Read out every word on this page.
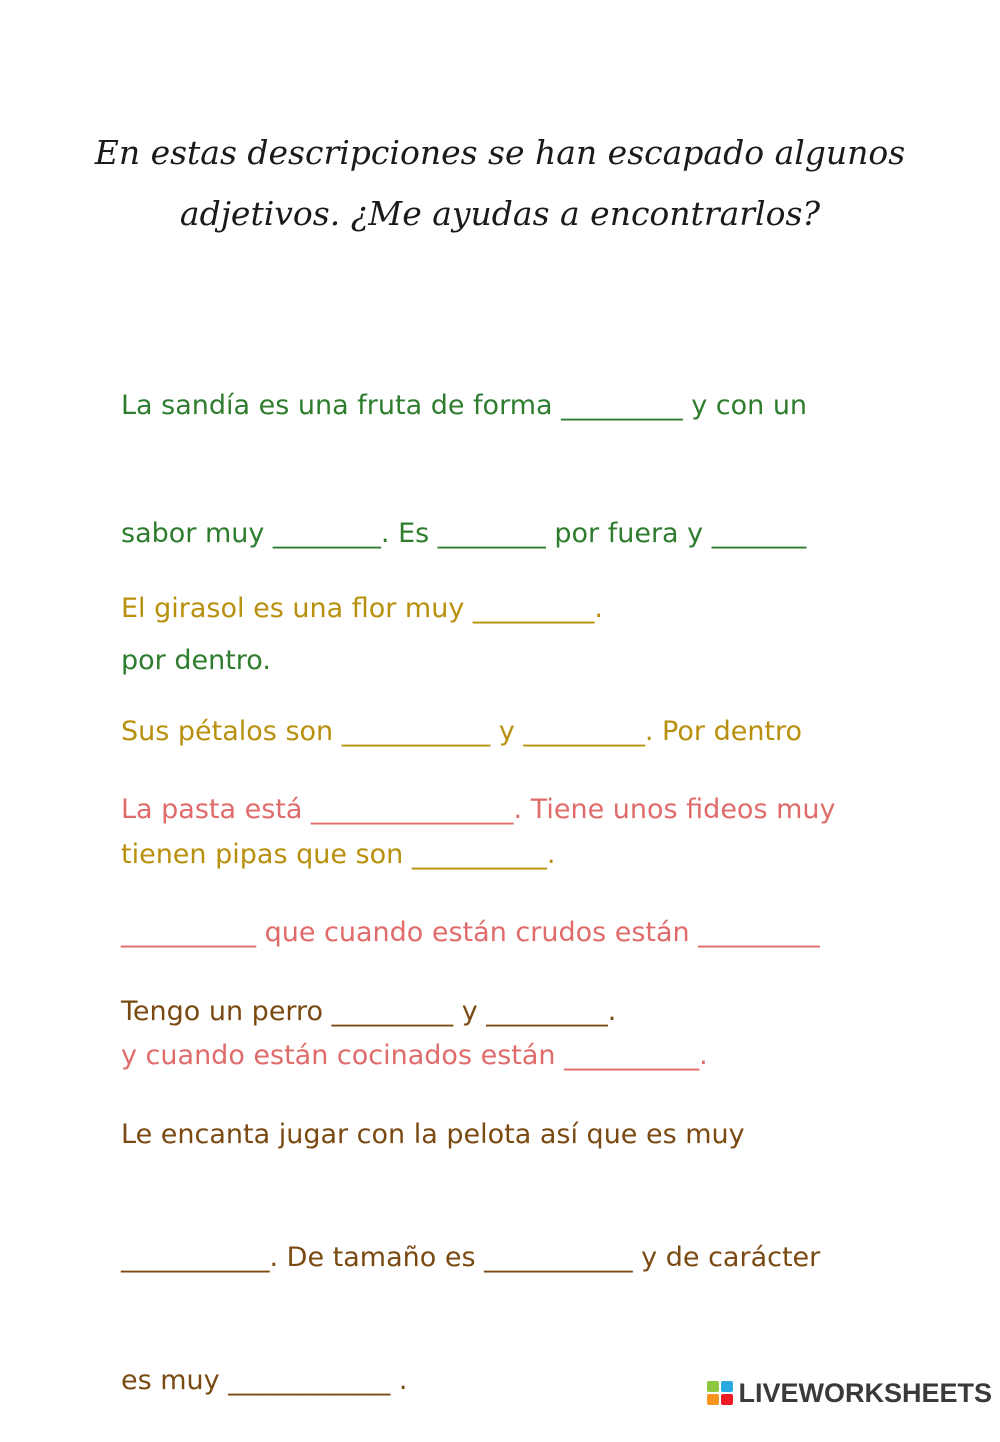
En estas descripciones se han escapado algunos
adjetivos. ¿Me ayudas a encontrarlos?

La sandía es una fruta de forma _________ y con un

sabor muy ________. Es ________ por fuera y _______

por dentro.

El girasol es una flor muy _________.

Sus pétalos son ___________ y _________. Por dentro

tienen pipas que son __________.

La pasta está _______________. Tiene unos fideos muy

__________ que cuando están crudos están _________

y cuando están cocinados están __________.

Tengo un perro _________ y _________.

Le encanta jugar con la pelota así que es muy

___________. De tamaño es ___________ y de carácter

es muy ____________ .	LIVEWORKSHEETS
